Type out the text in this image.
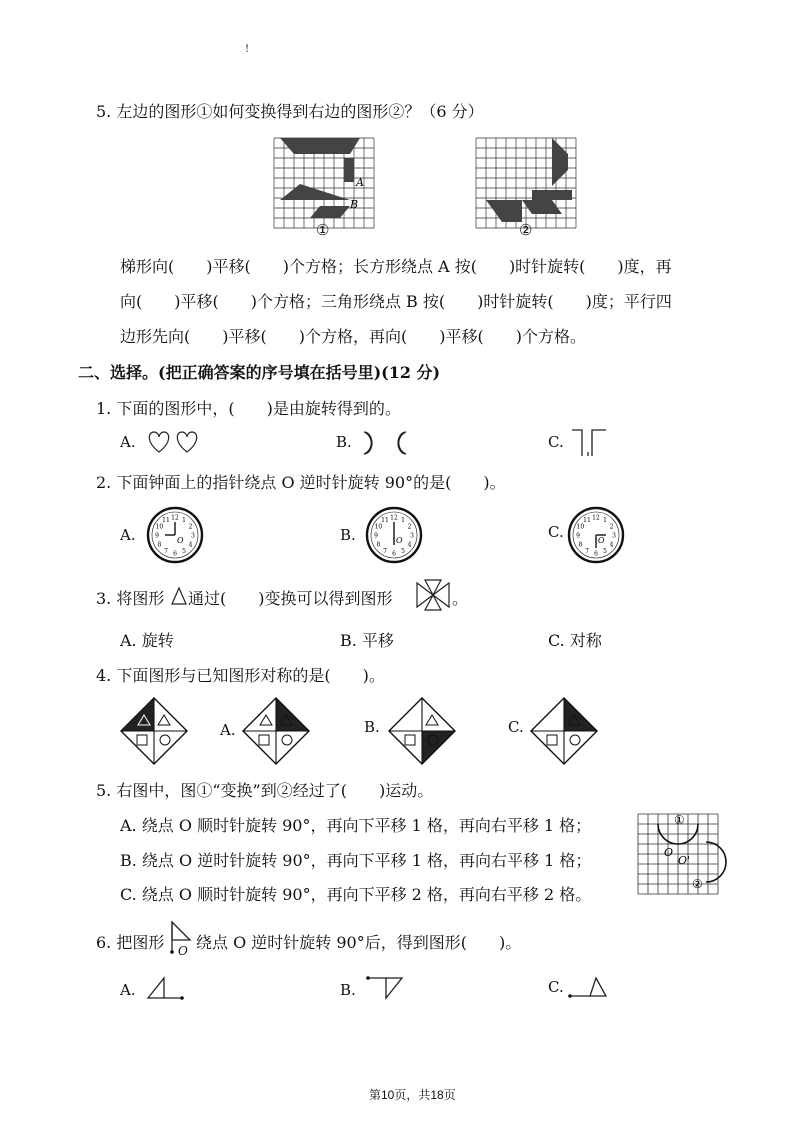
!
5. 左边的图形①如何变换得到右边的图形②？（6 分）
A
B
①	②
梯形向(　　)平移(　　)个方格；长方形绕点 A 按(　　)时针旋转(　　)度，再
向(　　)平移(　　)个方格；三角形绕点 B 按(　　)时针旋转(　　)度；平行四
边形先向(　　)平移(　　)个方格，再向(　　)平移(　　)个方格。
二、选择。(把正确答案的序号填在括号里)(12 分)
1. 下面的图形中，(　　)是由旋转得到的。
A.	B.	C.
2. 下面钟面上的指针绕点 O 逆时针旋转 90°的是(　　)。
A.
12 1
2
3
4
5
6
7
8
9
10
11
O	B.
12 1
2
3
4
5
6
7
8
9
10
11
O	C.
12 1
2
3
4
5
6
7
8
9
10
11
O
3. 将图形 通过(　　)变换可以得到图形	。
A. 旋转	B. 平移	C. 对称
4. 下面图形与已知图形对称的是(　　)。
A.	B.	C.
5. 右图中，图①“变换”到②经过了(　　)运动。
A. 绕点 O 顺时针旋转 90°，再向下平移 1 格，再向右平移 1 格；
B. 绕点 O 逆时针旋转 90°，再向下平移 1 格，再向右平移 1 格；
C. 绕点 O 顺时针旋转 90°，再向下平移 2 格，再向右平移 2 格。
①
②
O
O'
6. 把图形 O 绕点 O 逆时针旋转 90°后，得到图形(　　)。
A.	B.	C.
第10页，共18页
